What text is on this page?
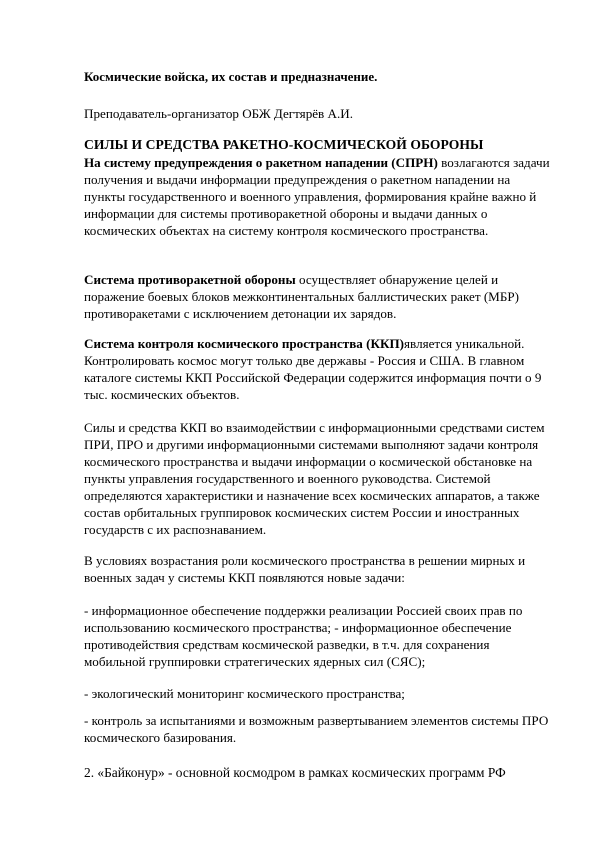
Космические войска, их состав и предназначение.
Преподаватель-организатор ОБЖ Дегтярёв А.И.
СИЛЫ И СРЕДСТВА РАКЕТНО-КОСМИЧЕСКОЙ ОБОРОНЫ
На систему предупреждения о ракетном нападении (СПРН) возлагаются задачи получения и выдачи информации предупреждения о ракетном нападении на пункты государственного и военного управления, формирования крайне важно й информации для системы противоракетной обороны и выдачи данных о космических объектах на систему контроля космического пространства.
Система противоракетной обороны осуществляет обнаружение целей и поражение боевых блоков межконтинентальных баллистических ракет (МБР) противоракетами с исключением детонации их зарядов.
Система контроля космического пространства (ККП)является уникальной. Контролировать космос могут только две державы - Россия и США. В главном каталоге системы ККП Российской Федерации содержится информация почти о 9 тыс. космических объектов.
Силы и средства ККП во взаимодействии с информационными средствами систем ПРИ, ПРО и другими информационными системами выполняют задачи контроля космического пространства и выдачи информации о космической обстановке на пункты управления государственного и военного руководства. Системой определяются характеристики и назначение всех космических аппаратов, а также состав орбитальных группировок космических систем России и иностранных государств с их распознаванием.
В условиях возрастания роли космического пространства в решении мирных и военных задач у системы ККП появляются новые задачи:
- информационное обеспечение поддержки реализации Россией своих прав по использованию космического пространства; - информационное обеспечение противодействия средствам космической разведки, в т.ч. для сохранения мобильной группировки стратегических ядерных сил (СЯС);
- экологический мониторинг космического пространства;
- контроль за испытаниями и возможным развертыванием элементов системы ПРО космического базирования.
2. «Байконур» - основной космодром в рамках космических программ РФ
